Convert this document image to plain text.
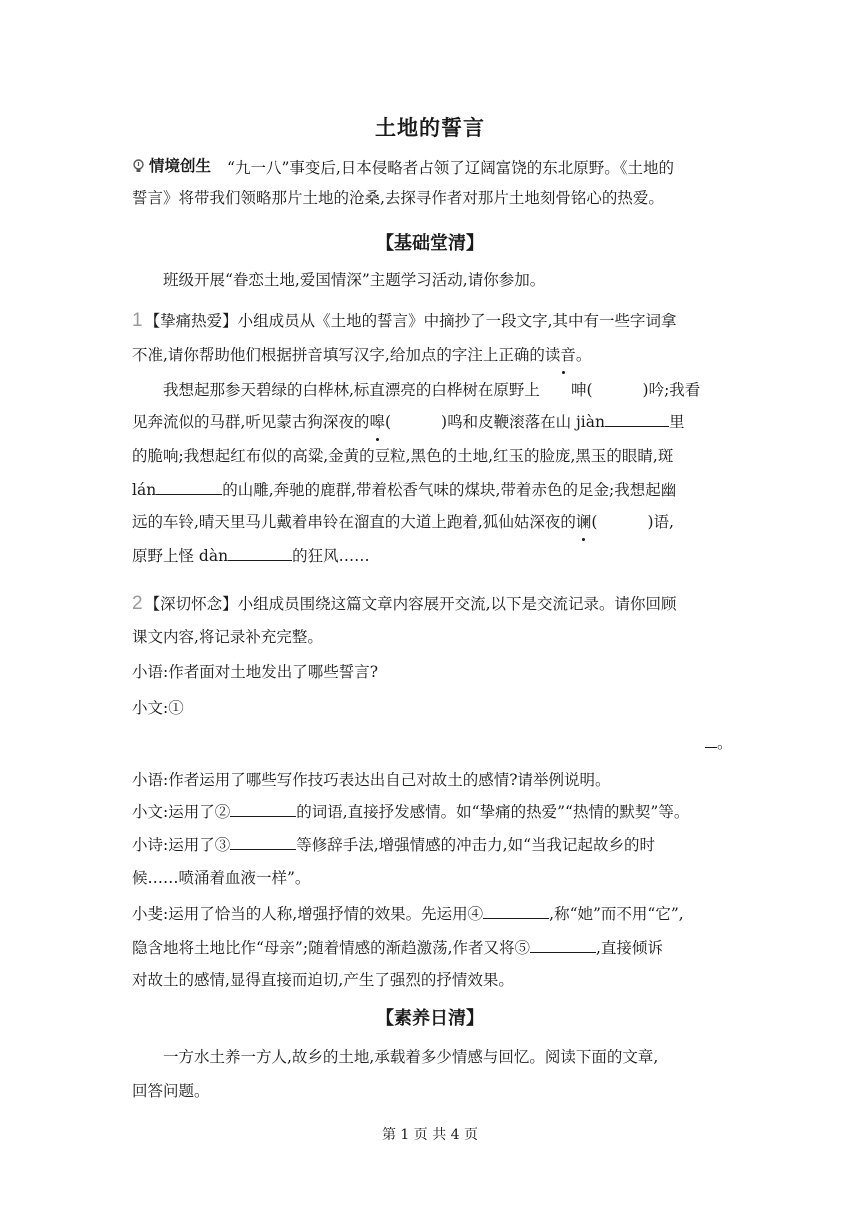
土地的誓言

情境创生 “九一八”事变后,日本侵略者占领了辽阔富饶的东北原野。《土地的

誓言》将带我们领略那片土地的沧桑,去探寻作者对那片土地刻骨铭心的热爱。

【基础堂清】

班级开展“眷恋土地,爱国情深”主题学习活动,请你参加。

1 【挚痛热爱】小组成员从《土地的誓言》中摘抄了一段文字,其中有一些字词拿

不准,请你帮助他们根据拼音填写汉字,给加点的字注上正确的读音。

我想起那参天碧绿的白桦林,标直漂亮的白桦树在原野上 呻(	)吟;我看

见奔流似的马群,听见蒙古狗深夜的嗥(	)鸣和皮鞭滚落在山 jiàn	里

的脆响;我想起红布似的高粱,金黄的豆粒,黑色的土地,红玉的脸庞,黑玉的眼睛,斑

lán	的山雕,奔驰的鹿群,带着松香气味的煤块,带着赤色的足金;我想起幽

远的车铃,晴天里马儿戴着串铃在溜直的大道上跑着,狐仙姑深夜的谰(	)语,

原野上怪 dàn	的狂风……

2 【深切怀念】小组成员围绕这篇文章内容展开交流,以下是交流记录。请你回顾

课文内容,将记录补充完整。

小语:作者面对土地发出了哪些誓言?

小文:①

。

小语:作者运用了哪些写作技巧表达出自己对故土的感情?请举例说明。

小文:运用了②	的词语,直接抒发感情。如“挚痛的热爱”“热情的默契”等。

小诗:运用了③	等修辞手法,增强情感的冲击力,如“当我记起故乡的时

候……喷涌着血液一样”。

小斐:运用了恰当的人称,增强抒情的效果。先运用④	,称“她”而不用“它”,

隐含地将土地比作“母亲”;随着情感的渐趋激荡,作者又将⑤	,直接倾诉

对故土的感情,显得直接而迫切,产生了强烈的抒情效果。

【素养日清】

一方水土养一方人,故乡的土地,承载着多少情感与回忆。阅读下面的文章,

回答问题。

第 1 页 共 4 页
